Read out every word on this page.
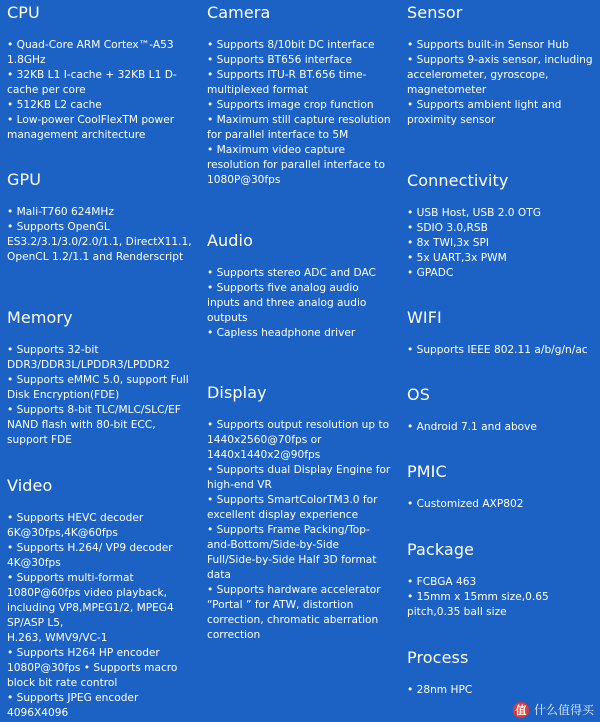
CPU
• Quad-Core ARM Cortex™-A53
1.8GHz
• 32KB L1 I-cache + 32KB L1 D-
cache per core
• 512KB L2 cache
• Low-power CoolFlexTM power
management architecture
GPU
• Mali-T760 624MHz
• Supports OpenGL
ES3.2/3.1/3.0/2.0/1.1, DirectX11.1,
OpenCL 1.2/1.1 and Renderscript
Memory
• Supports 32-bit
DDR3/DDR3L/LPDDR3/LPDDR2
• Supports eMMC 5.0, support Full
Disk Encryption(FDE)
• Supports 8-bit TLC/MLC/SLC/EF
NAND flash with 80-bit ECC,
support FDE
Video
• Supports HEVC decoder
6K@30fps,4K@60fps
• Supports H.264/ VP9 decoder
4K@30fps
• Supports multi-format
1080P@60fps video playback,
including VP8,MPEG1/2, MPEG4
SP/ASP L5,
H.263, WMV9/VC-1
• Supports H264 HP encoder
1080P@30fps • Supports macro
block bit rate control
• Supports JPEG encoder
4096X4096
Camera
• Supports 8/10bit DC interface
• Supports BT656 interface
• Supports ITU-R BT.656 time-
multiplexed format
• Supports image crop function
• Maximum still capture resolution
for parallel interface to 5M
• Maximum video capture
resolution for parallel interface to
1080P@30fps
Audio
• Supports stereo ADC and DAC
• Supports five analog audio
inputs and three analog audio
outputs
• Capless headphone driver
Display
• Supports output resolution up to
1440x2560@70fps or
1440x1440x2@90fps
• Supports dual Display Engine for
high-end VR
• Supports SmartColorTM3.0 for
excellent display experience
• Supports Frame Packing/Top-
and-Bottom/Side-by-Side
Full/Side-by-Side Half 3D format
data
• Supports hardware accelerator
“Portal ” for ATW, distortion
correction, chromatic aberration
correction
Sensor
• Supports built-in Sensor Hub
• Supports 9-axis sensor, including
accelerometer, gyroscope,
magnetometer
• Supports ambient light and
proximity sensor
Connectivity
• USB Host, USB 2.0 OTG
• SDIO 3.0,RSB
• 8x TWI,3x SPI
• 5x UART,3x PWM
• GPADC
WIFI
• Supports IEEE 802.11 a/b/g/n/ac
OS
• Android 7.1 and above
PMIC
• Customized AXP802
Package
• FCBGA 463
• 15mm x 15mm size,0.65
pitch,0.35 ball size
Process
• 28nm HPC
值 什么值得买
